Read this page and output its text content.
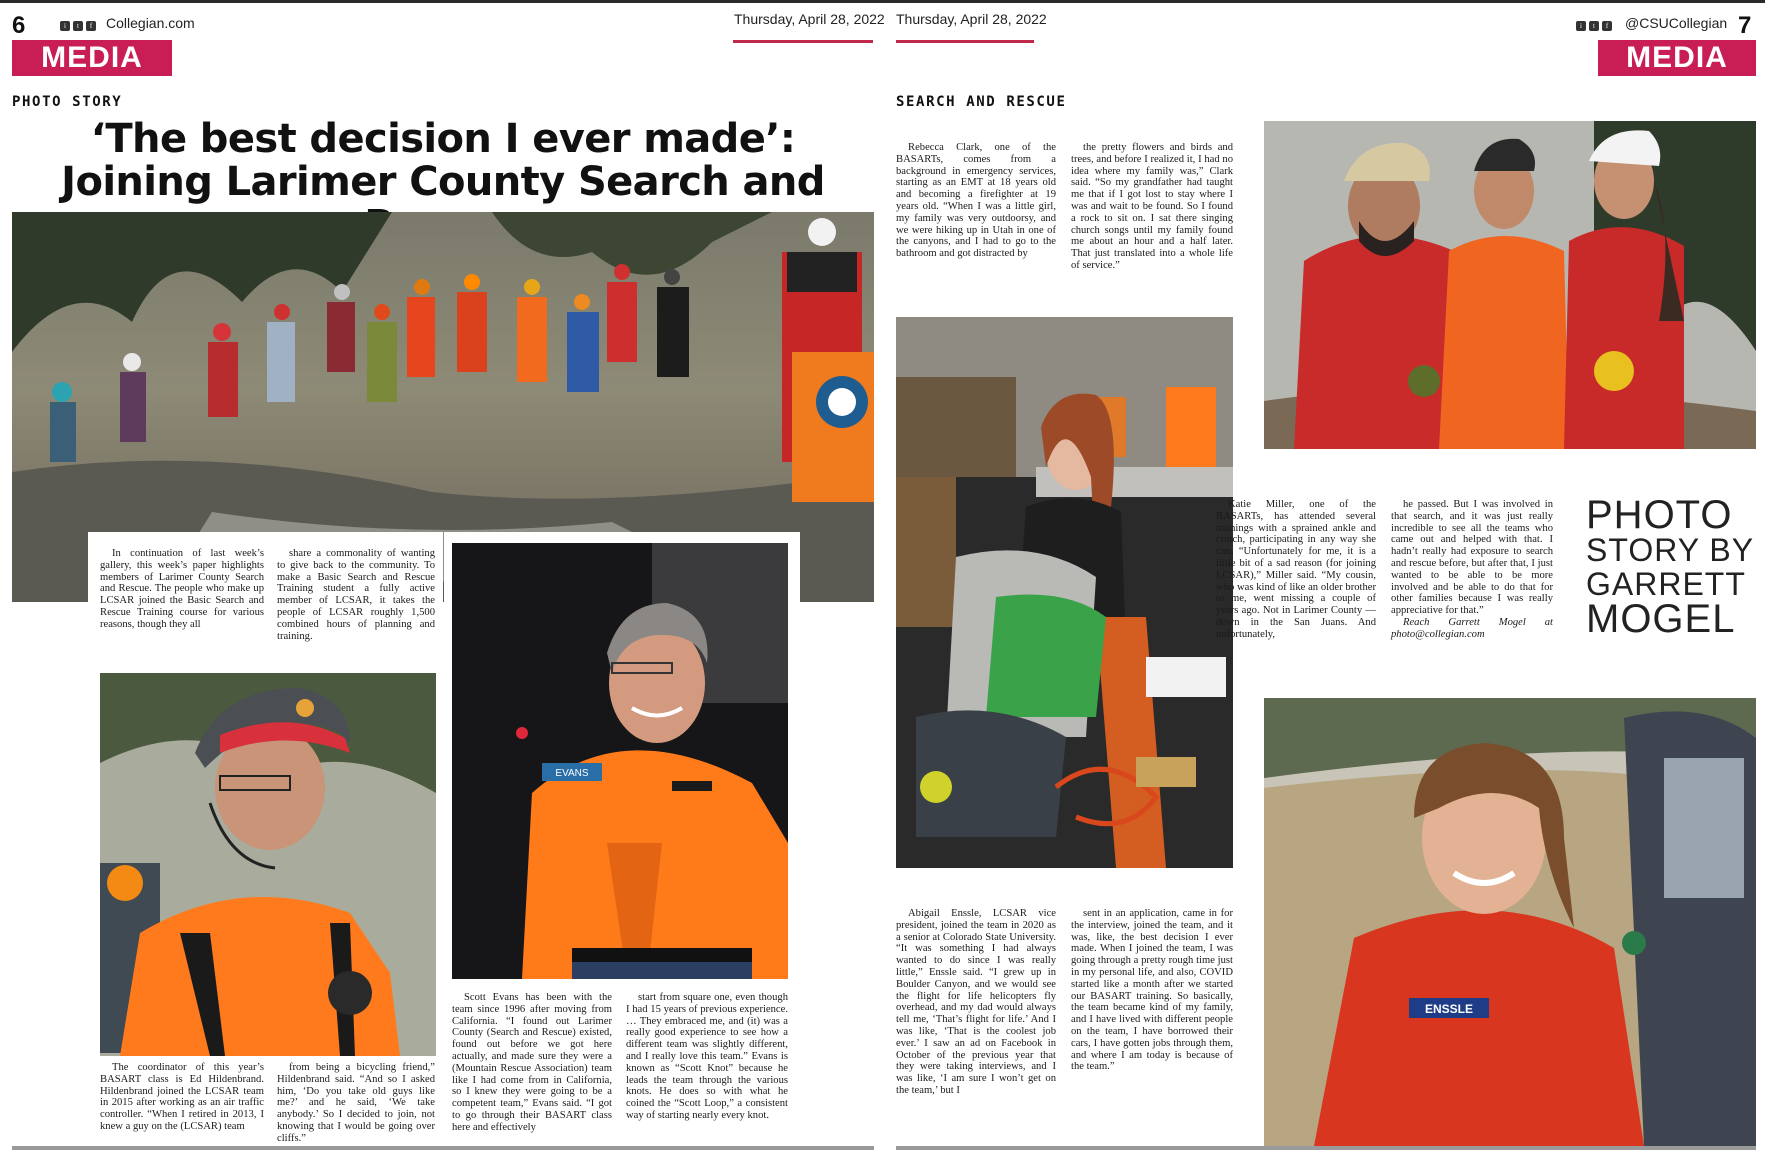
6	i t f Collegian.com	Thursday, April 28, 2022
MEDIA
PHOTO STORY
‘The best decision I ever made’:
Joining Larimer County Search and

In continuation of last week’s gallery, this week’s paper highlights members of Larimer County Search and Rescue. The people who make up LCSAR joined the Basic Search and Rescue Training course for various reasons, though they all

share a commonality of wanting to give back to the community. To make a Basic Search and Rescue Training student a fully active member of LCSAR, it takes the people of LCSAR roughly 1,500 combined hours of planning and training.

EVANS

The coordinator of this year’s BASART class is Ed Hildenbrand. Hildenbrand joined the LCSAR team in 2015 after working as an air traffic controller. “When I retired in 2013, I knew a guy on the (LCSAR) team

from being a bicycling friend,” Hildenbrand said. “And so I asked him, ‘Do you take old guys like me?’ and he said, ‘We take anybody.’ So I decided to join, not knowing that I would be going over cliffs.”

Scott Evans has been with the team since 1996 after moving from California. “I found out Larimer County (Search and Rescue) existed, found out before we got here actually, and made sure they were a (Mountain Rescue Association) team like I had come from in California, so I knew they were going to be a competent team,” Evans said. “I got to go through their BASART class here and effectively

start from square one, even though I had 15 years of previous experience. … They embraced me, and (it) was a really good experience to see how a different team was slightly different, and I really love this team.” Evans is known as “Scott Knot” because he leads the team through the various knots. He does so with what he coined the “Scott Loop,” a consistent way of starting nearly every knot.

Thursday, April 28, 2022	i t f	@CSUCollegian 7
MEDIA
SEARCH AND RESCUE

Rebecca Clark, one of the BASARTs, comes from a background in emergency services, starting as an EMT at 18 years old and becoming a firefighter at 19 years old. “When I was a little girl, my family was very outdoorsy, and we were hiking up in Utah in one of the canyons, and I had to go to the bathroom and got distracted by

the pretty flowers and birds and trees, and before I realized it, I had no idea where my family was,” Clark said. “So my grandfather had taught me that if I got lost to stay where I was and wait to be found. So I found a rock to sit on. I sat there singing church songs until my family found me about an hour and a half later. That just translated into a whole life of service.”

Katie Miller, one of the BASARTs, has attended several trainings with a sprained ankle and crutch, participating in any way she can. “Unfortunately for me, it is a little bit of a sad reason (for joining LCSAR),” Miller said. “My cousin, who was kind of like an older brother to me, went missing a couple of years ago. Not in Larimer County — down in the San Juans. And unfortunately,

he passed. But I was involved in that search, and it was just really incredible to see all the teams who came out and helped with that. I hadn’t really had exposure to search and rescue before, but after that, I just wanted to be able to be more involved and be able to do that for other families because I was really appreciative for that.”

Reach Garrett Mogel at photo@collegian.com

PHOTO
STORY BY
GARRETT
MOGEL
ENSSLE

Abigail Enssle, LCSAR vice president, joined the team in 2020 as a senior at Colorado State University. “It was something I had always wanted to do since I was really little,” Enssle said. “I grew up in Boulder Canyon, and we would see the flight for life helicopters fly overhead, and my dad would always tell me, ‘That’s flight for life.’ And I was like, ‘That is the coolest job ever.’ I saw an ad on Facebook in October of the previous year that they were taking interviews, and I was like, ‘I am sure I won’t get on the team,’ but I

sent in an application, came in for the interview, joined the team, and it was, like, the best decision I ever made. When I joined the team, I was going through a pretty rough time just in my personal life, and also, COVID started like a month after we started our BASART training. So basically, the team became kind of my family, and I have lived with different people on the team, I have borrowed their cars, I have gotten jobs through them, and where I am today is because of the team.”
